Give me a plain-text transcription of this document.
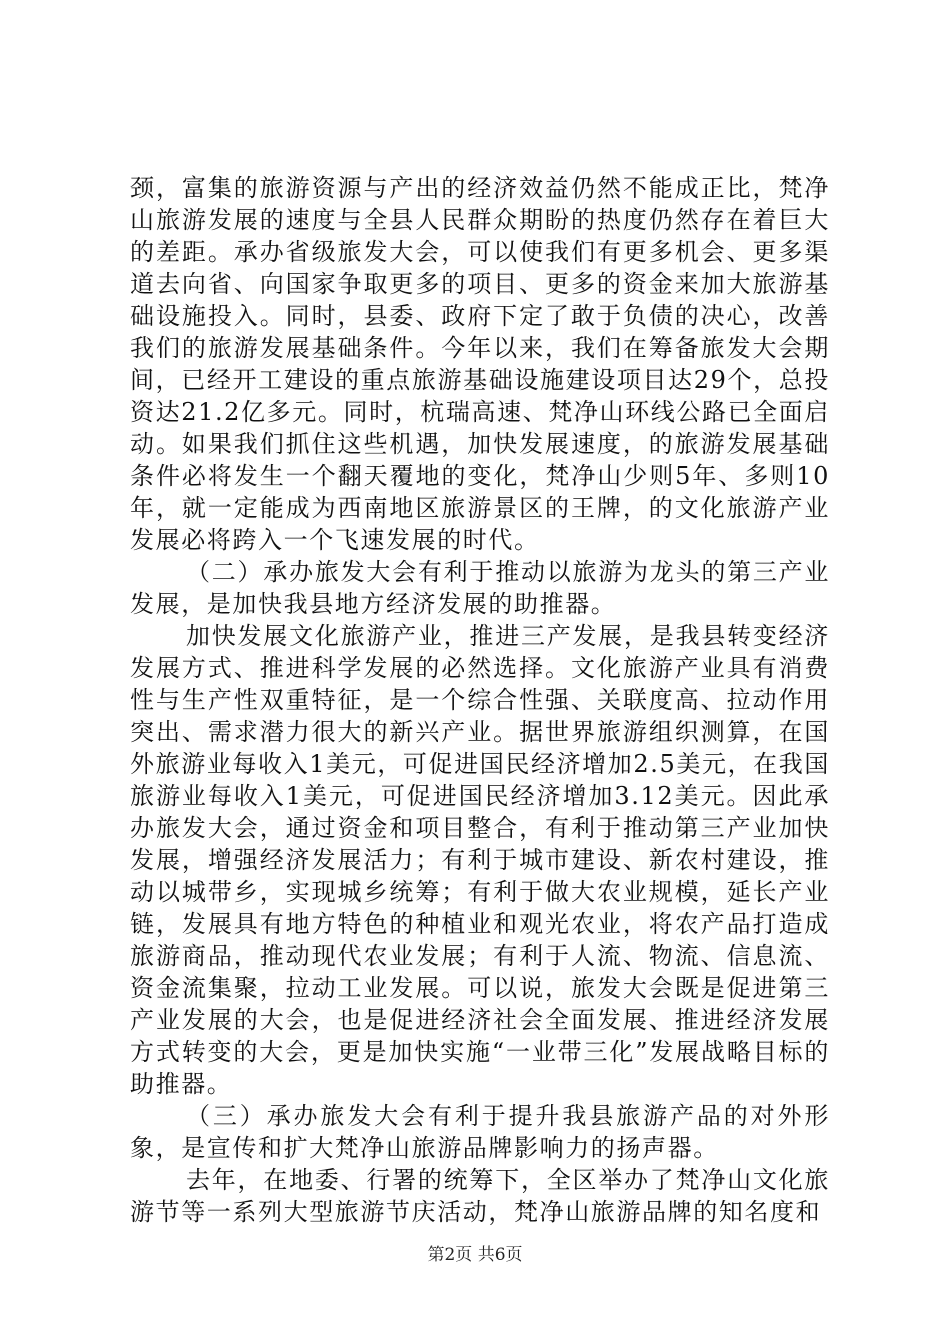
颈，富集的旅游资源与产出的经济效益仍然不能成正比，梵净山旅游发展的速度与全县人民群众期盼的热度仍然存在着巨大的差距。承办省级旅发大会，可以使我们有更多机会、更多渠道去向省、向国家争取更多的项目、更多的资金来加大旅游基础设施投入。同时，县委、政府下定了敢于负债的决心，改善我们的旅游发展基础条件。今年以来，我们在筹备旅发大会期间，已经开工建设的重点旅游基础设施建设项目达29个，总投资达21.2亿多元。同时，杭瑞高速、梵净山环线公路已全面启动。如果我们抓住这些机遇，加快发展速度，的旅游发展基础条件必将发生一个翻天覆地的变化，梵净山少则5年、多则10年，就一定能成为西南地区旅游景区的王牌，的文化旅游产业发展必将跨入一个飞速发展的时代。

（二）承办旅发大会有利于推动以旅游为龙头的第三产业发展，是加快我县地方经济发展的助推器。

加快发展文化旅游产业，推进三产发展，是我县转变经济发展方式、推进科学发展的必然选择。文化旅游产业具有消费性与生产性双重特征，是一个综合性强、关联度高、拉动作用突出、需求潜力很大的新兴产业。据世界旅游组织测算，在国外旅游业每收入1美元，可促进国民经济增加2.5美元，在我国旅游业每收入1美元，可促进国民经济增加3.12美元。因此承办旅发大会，通过资金和项目整合，有利于推动第三产业加快发展，增强经济发展活力；有利于城市建设、新农村建设，推动以城带乡，实现城乡统筹；有利于做大农业规模，延长产业链，发展具有地方特色的种植业和观光农业，将农产品打造成旅游商品，推动现代农业发展；有利于人流、物流、信息流、资金流集聚，拉动工业发展。可以说，旅发大会既是促进第三产业发展的大会，也是促进经济社会全面发展、推进经济发展方式转变的大会，更是加快实施“一业带三化”发展战略目标的助推器。

（三）承办旅发大会有利于提升我县旅游产品的对外形象，是宣传和扩大梵净山旅游品牌影响力的扬声器。

去年，在地委、行署的统筹下，全区举办了梵净山文化旅游节等一系列大型旅游节庆活动，梵净山旅游品牌的知名度和

第2页 共6页
